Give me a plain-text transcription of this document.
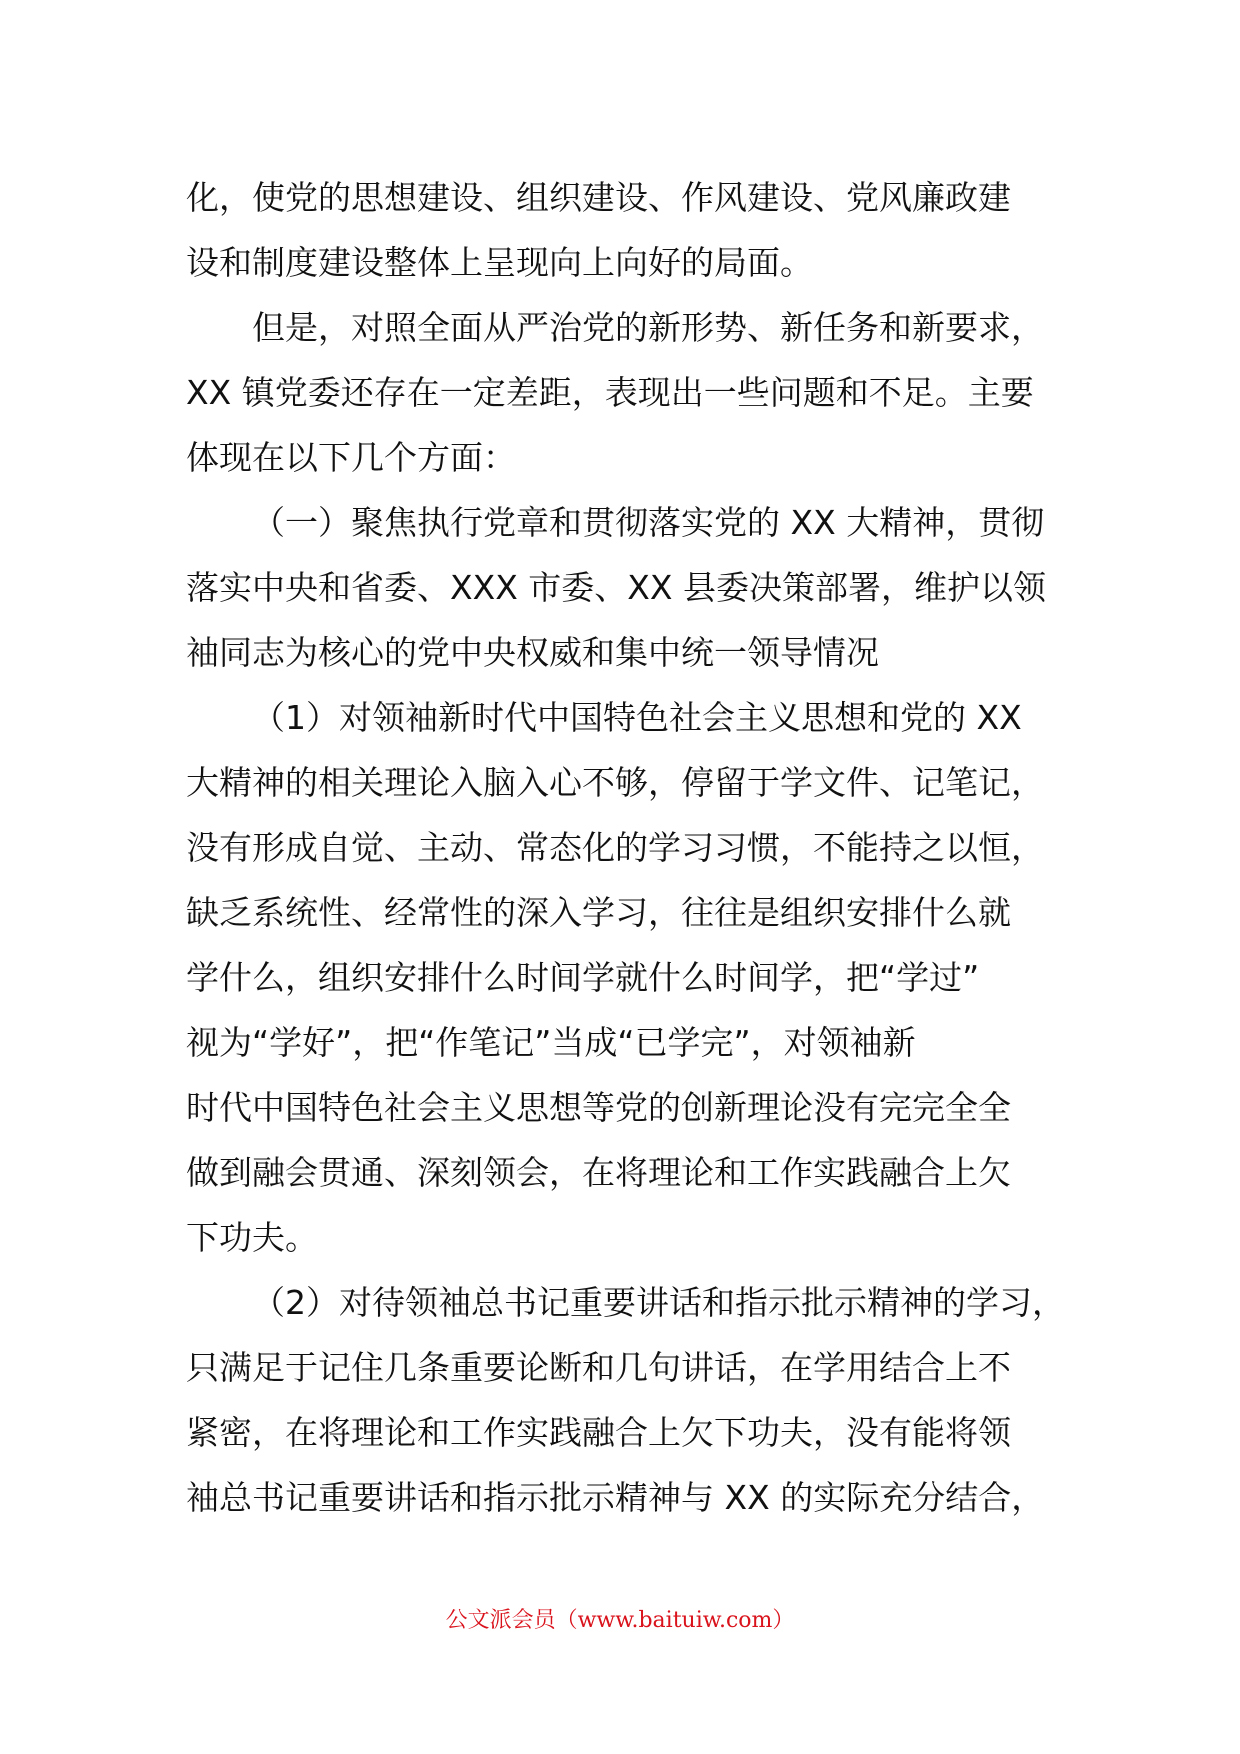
化，使党的思想建设、组织建设、作风建设、党风廉政建
设和制度建设整体上呈现向上向好的局面。
但是，对照全面从严治党的新形势、新任务和新要求，
XX 镇党委还存在一定差距，表现出一些问题和不足。主要
体现在以下几个方面：
（一）聚焦执行党章和贯彻落实党的 XX 大精神，贯彻
落实中央和省委、XXX 市委、XX 县委决策部署，维护以领
袖同志为核心的党中央权威和集中统一领导情况
（1）对领袖新时代中国特色社会主义思想和党的 XX
大精神的相关理论入脑入心不够，停留于学文件、记笔记，
没有形成自觉、主动、常态化的学习习惯，不能持之以恒，
缺乏系统性、经常性的深入学习，往往是组织安排什么就
学什么，组织安排什么时间学就什么时间学，把“学过”
视为“学好”，把“作笔记”当成“已学完”，对领袖新
时代中国特色社会主义思想等党的创新理论没有完完全全
做到融会贯通、深刻领会，在将理论和工作实践融合上欠
下功夫。
（2）对待领袖总书记重要讲话和指示批示精神的学习，
只满足于记住几条重要论断和几句讲话，在学用结合上不
紧密，在将理论和工作实践融合上欠下功夫，没有能将领
袖总书记重要讲话和指示批示精神与 XX 的实际充分结合，
公文派会员（www.baituiw.com）
